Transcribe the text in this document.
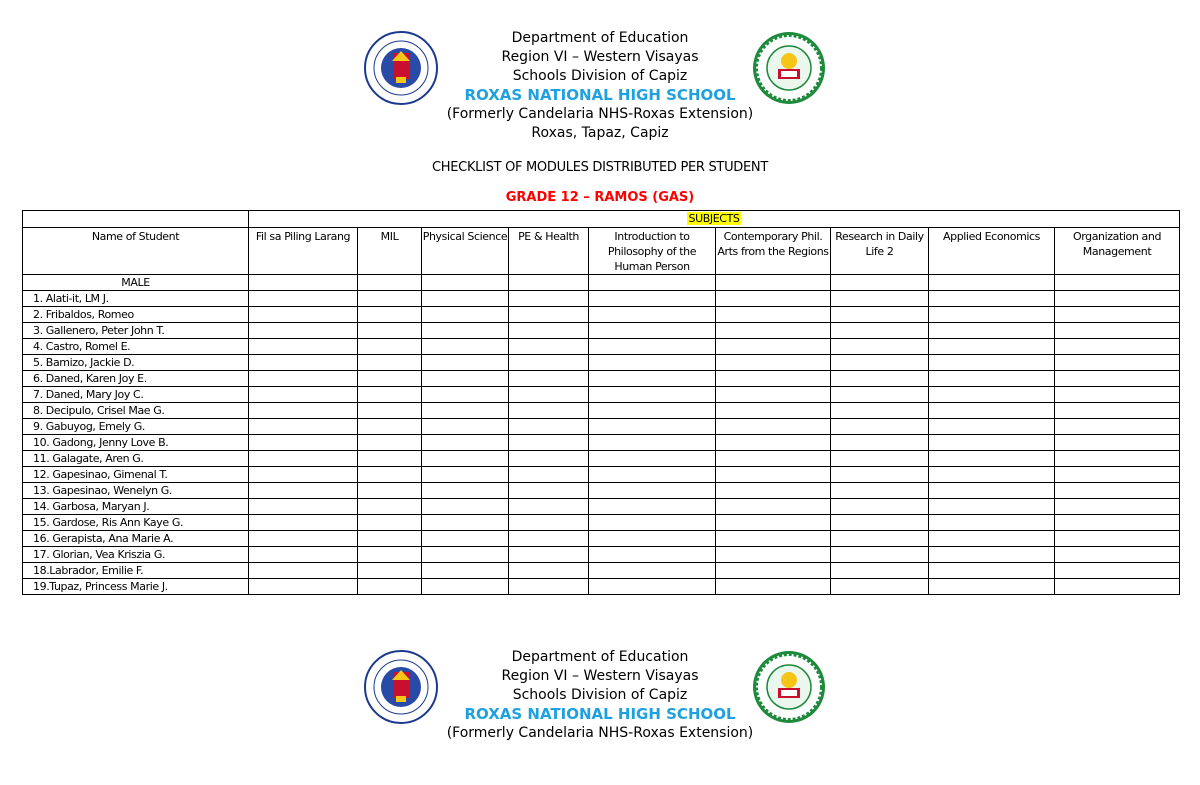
Department of Education
Region VI – Western Visayas
Schools Division of Capiz
ROXAS NATIONAL HIGH SCHOOL
(Formerly Candelaria NHS-Roxas Extension)
Roxas, Tapaz, Capiz
CHECKLIST OF MODULES DISTRIBUTED PER STUDENT
GRADE 12 – RAMOS (GAS)
	SUBJECTS								
Name of Student	Fil sa Piling Larang	MIL	Physical Science	PE & Health	Introduction to Philosophy of the Human Person	Contemporary Phil. Arts from the Regions	Research in Daily Life 2	Applied Economics	Organization and Management
MALE									
1. Alati-it, LM J.									
2. Fribaldos, Romeo									
3. Gallenero, Peter John T.									
4. Castro, Romel E.									
5. Bamizo, Jackie D.									
6. Daned, Karen Joy E.									
7. Daned, Mary Joy C.									
8. Decipulo, Crisel Mae G.									
9. Gabuyog, Emely G.									
10. Gadong, Jenny Love B.									
11. Galagate, Aren G.									
12. Gapesinao, Gimenal T.									
13. Gapesinao, Wenelyn G.									
14. Garbosa, Maryan J.									
15. Gardose, Ris Ann Kaye G.									
16. Gerapista, Ana Marie A.									
17. Glorian, Vea Kriszia G.									
18.Labrador, Emilie F.									
19.Tupaz, Princess Marie J.									
Department of Education
Region VI – Western Visayas
Schools Division of Capiz
ROXAS NATIONAL HIGH SCHOOL
(Formerly Candelaria NHS-Roxas Extension)
